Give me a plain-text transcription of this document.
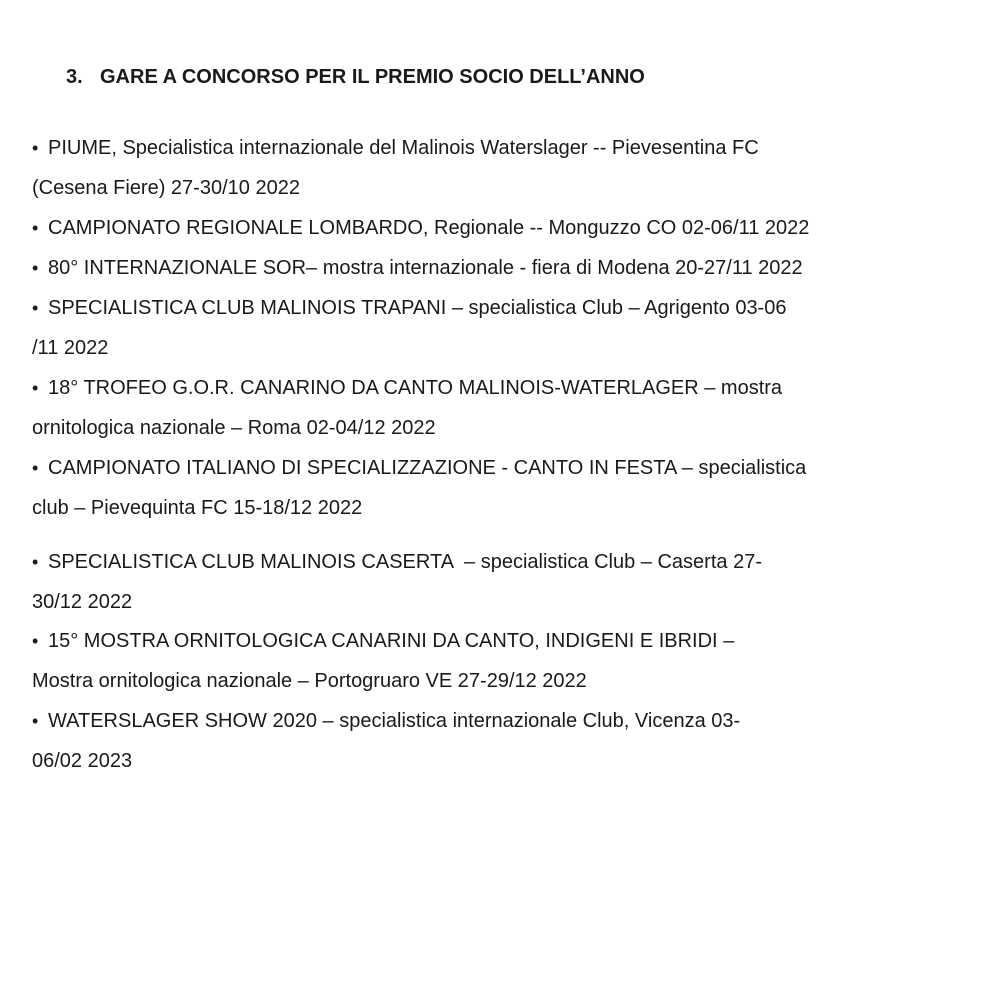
3. GARE A CONCORSO PER IL PREMIO SOCIO DELL’ANNO
• PIUME, Specialistica internazionale del Malinois Waterslager -- Pievesentina FC
(Cesena Fiere) 27-30/10 2022
• CAMPIONATO REGIONALE LOMBARDO, Regionale -- Monguzzo CO 02-06/11 2022
• 80° INTERNAZIONALE SOR– mostra internazionale - fiera di Modena 20-27/11 2022
• SPECIALISTICA CLUB MALINOIS TRAPANI – specialistica Club – Agrigento 03-06
/11 2022
• 18° TROFEO G.O.R. CANARINO DA CANTO MALINOIS-WATERLAGER – mostra
ornitologica nazionale – Roma 02-04/12 2022
• CAMPIONATO ITALIANO DI SPECIALIZZAZIONE - CANTO IN FESTA – specialistica
club – Pievequinta FC 15-18/12 2022
• SPECIALISTICA CLUB MALINOIS CASERTA  – specialistica Club – Caserta 27-
30/12 2022
• 15° MOSTRA ORNITOLOGICA CANARINI DA CANTO, INDIGENI E IBRIDI –
Mostra ornitologica nazionale – Portogruaro VE 27-29/12 2022
• WATERSLAGER SHOW 2020 – specialistica internazionale Club, Vicenza 03-
06/02 2023
